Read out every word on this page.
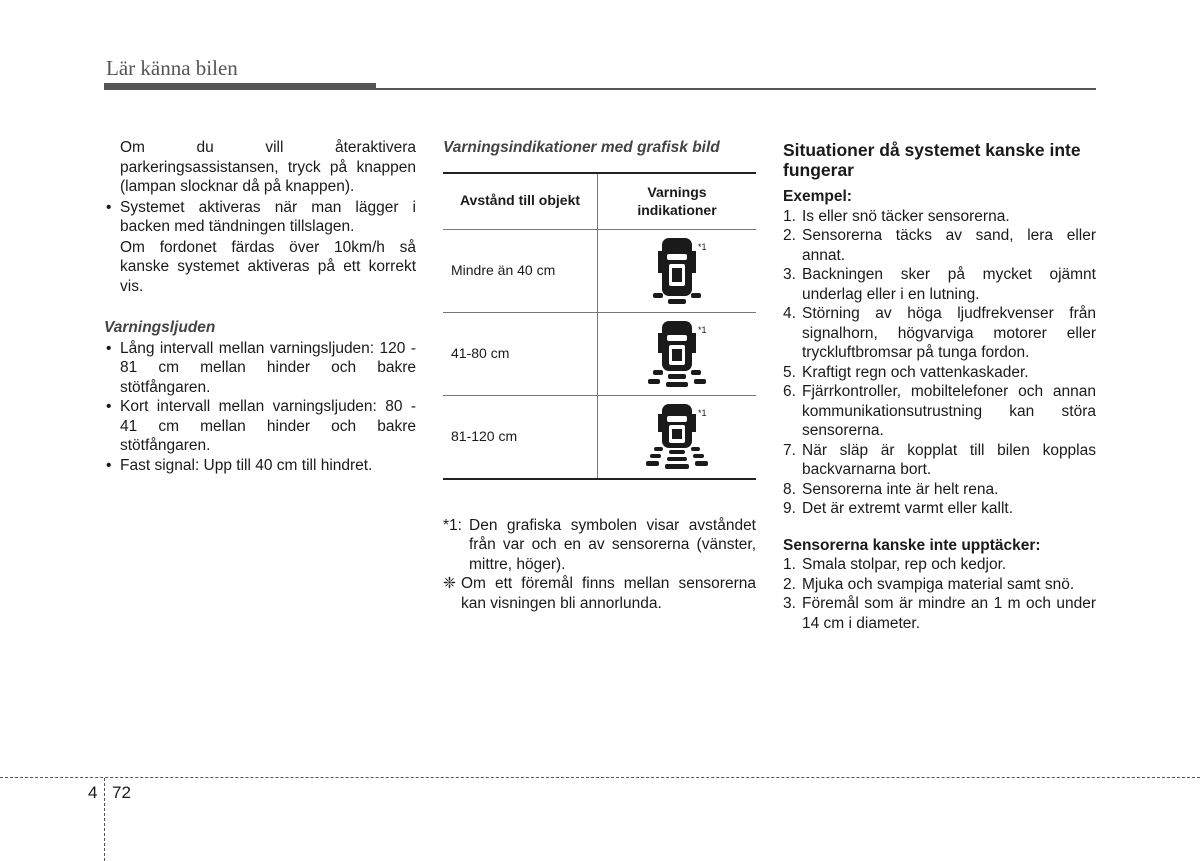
Lär känna bilen
Om du vill återaktivera parkeringsassistansen, tryck på knappen (lampan slocknar då på knappen).
• Systemet aktiveras när man lägger i backen med tändningen tillslagen.
Om fordonet färdas över 10km/h så kanske systemet aktiveras på ett korrekt vis.
Varningsljuden
• Lång intervall mellan varningsljuden: 120 - 81 cm mellan hinder och bakre stötfångaren.
• Kort intervall mellan varningsljuden: 80 - 41 cm mellan hinder och bakre stötfångaren.
• Fast signal: Upp till 40 cm till hindret.
Varningsindikationer med grafisk bild
Avstånd till objekt
Varnings
indikationer
Mindre än 40 cm
*1
41-80 cm
*1
81-120 cm
*1
*1: Den grafiska symbolen visar avståndet från var och en av sensorerna (vänster, mittre, höger).
❈ Om ett föremål finns mellan sensorerna kan visningen bli annorlunda.
Situationer då systemet kanske inte fungerar
Exempel:
1. Is eller snö täcker sensorerna.
2. Sensorerna täcks av sand, lera eller annat.
3. Backningen sker på mycket ojämnt underlag eller i en lutning.
4. Störning av höga ljudfrekvenser från signalhorn, högvarviga motorer eller tryckluftbromsar på tunga fordon.
5. Kraftigt regn och vattenkaskader.
6. Fjärrkontroller, mobiltelefoner och annan kommunikationsutrustning kan störa sensorerna.
7. När släp är kopplat till bilen kopplas backvarnarna bort.
8. Sensorerna inte är helt rena.
9. Det är extremt varmt eller kallt.
Sensorerna kanske inte upptäcker:
1. Smala stolpar, rep och kedjor.
2. Mjuka och svampiga material samt snö.
3. Föremål som är mindre an 1 m och under 14 cm i diameter.
4 72
